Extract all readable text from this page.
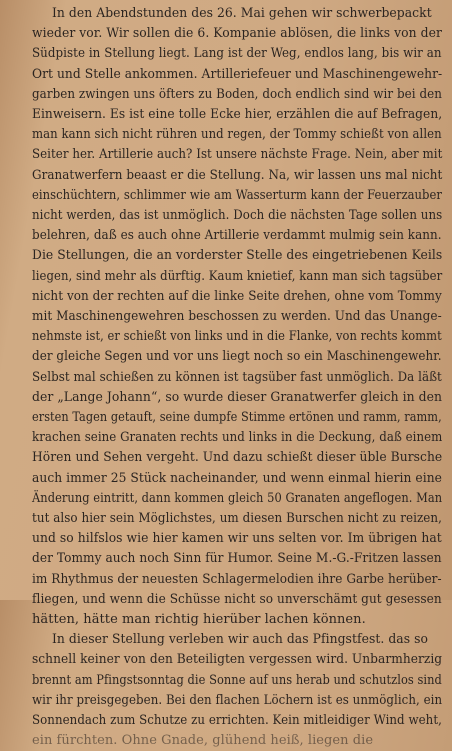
In den Abendstunden des 26. Mai gehen wir schwerbepackt
wieder vor. Wir sollen die 6. Kompanie ablösen, die links von der
Südpiste in Stellung liegt. Lang ist der Weg, endlos lang, bis wir an
Ort und Stelle ankommen. Artilleriefeuer und Maschinengewehr-
garben zwingen uns öfters zu Boden, doch endlich sind wir bei den
Einweisern. Es ist eine tolle Ecke hier, erzählen die auf Befragen,
man kann sich nicht rühren und regen, der Tommy schießt von allen
Seiter her. Artillerie auch? Ist unsere nächste Frage. Nein, aber mit
Granatwerfern beaast er die Stellung. Na, wir lassen uns mal nicht
einschüchtern, schlimmer wie am Wasserturm kann der Feuerzauber
nicht werden, das ist unmöglich. Doch die nächsten Tage sollen uns
belehren, daß es auch ohne Artillerie verdammt mulmig sein kann.
Die Stellungen, die an vorderster Stelle des eingetriebenen Keils
liegen, sind mehr als dürftig. Kaum knietief, kann man sich tagsüber
nicht von der rechten auf die linke Seite drehen, ohne vom Tommy
mit Maschinengewehren beschossen zu werden. Und das Unange-
nehmste ist, er schießt von links und in die Flanke, von rechts kommt
der gleiche Segen und vor uns liegt noch so ein Maschinengewehr.
Selbst mal schießen zu können ist tagsüber fast unmöglich. Da läßt
der „Lange Johann“, so wurde dieser Granatwerfer gleich in den
ersten Tagen getauft, seine dumpfe Stimme ertönen und ramm, ramm,
krachen seine Granaten rechts und links in die Deckung, daß einem
Hören und Sehen vergeht. Und dazu schießt dieser üble Bursche
auch immer 25 Stück nacheinander, und wenn einmal hierin eine
Änderung eintritt, dann kommen gleich 50 Granaten angeflogen. Man
tut also hier sein Möglichstes, um diesen Burschen nicht zu reizen,
und so hilfslos wie hier kamen wir uns selten vor. Im übrigen hat
der Tommy auch noch Sinn für Humor. Seine M.-G.-Fritzen lassen
im Rhythmus der neuesten Schlagermelodien ihre Garbe herüber-
fliegen, und wenn die Schüsse nicht so unverschämt gut gesessen
hätten, hätte man richtig hierüber lachen können.
In dieser Stellung verleben wir auch das Pfingstfest. das so
schnell keiner von den Beteiligten vergessen wird. Unbarmherzig
brennt am Pfingstsonntag die Sonne auf uns herab und schutzlos sind
wir ihr preisgegeben. Bei den flachen Löchern ist es unmöglich, ein
Sonnendach zum Schutze zu errichten. Kein mitleidiger Wind weht,
ein fürchten. Ohne Gnade, glühend heiß, liegen die
